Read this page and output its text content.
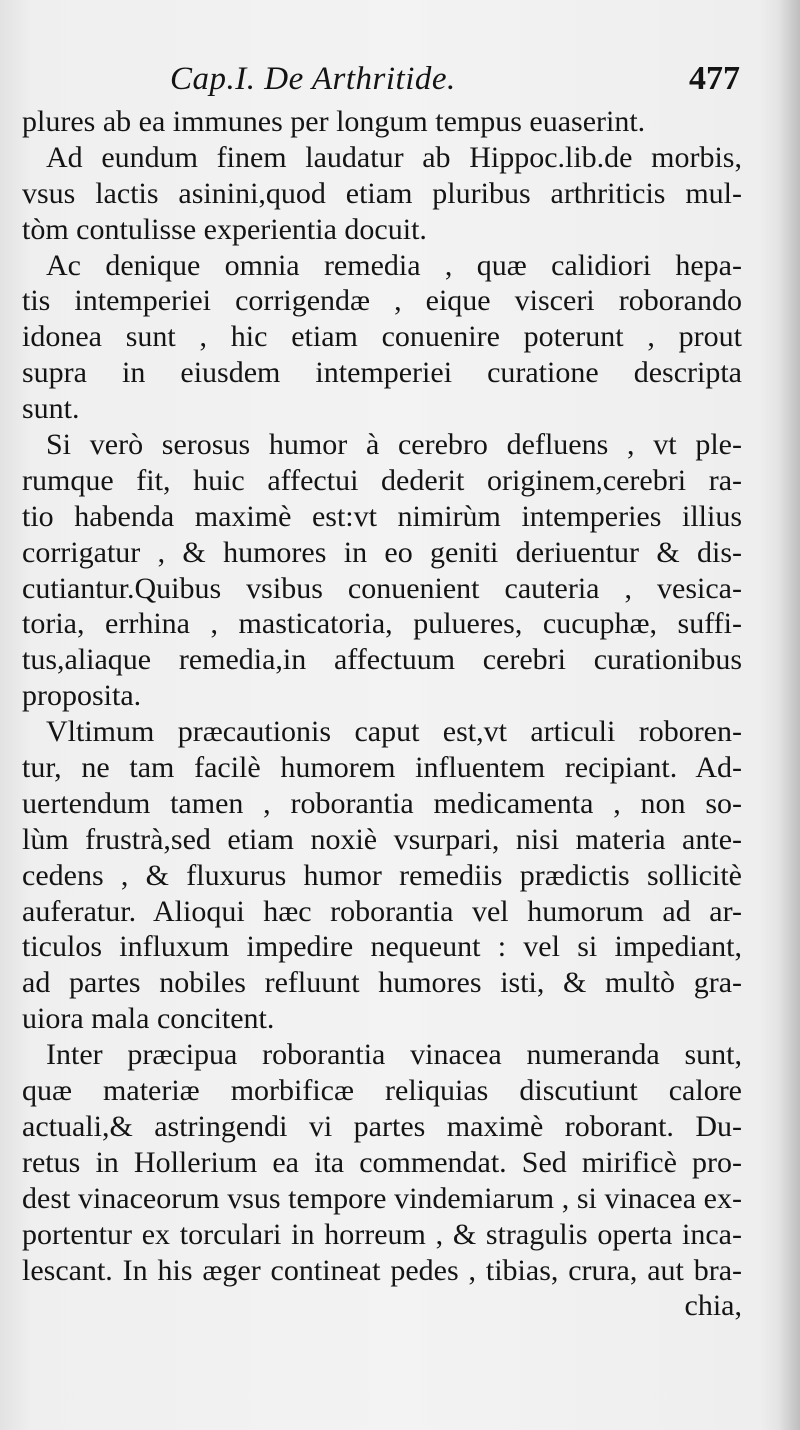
Cap.I. De Arthritide.	477
plures ab ea immunes per longum tempus euaserint.
Ad eundum finem laudatur ab Hippoc.lib.de morbis,
vsus lactis asinini,quod etiam pluribus arthriticis mul-
tòm contulisse experientia docuit.
Ac denique omnia remedia , quæ calidiori hepa-
tis intemperiei corrigendæ , eique visceri roborando
idonea sunt , hic etiam conuenire poterunt , prout
supra in eiusdem intemperiei curatione descripta
sunt.
Si verò serosus humor à cerebro defluens , vt ple-
rumque fit, huic affectui dederit originem,cerebri ra-
tio habenda maximè est:vt nimirùm intemperies illius
corrigatur , & humores in eo geniti deriuentur & dis-
cutiantur.Quibus vsibus conuenient cauteria , vesica-
toria, errhina , masticatoria, pulueres, cucuphæ, suffi-
tus,aliaque remedia,in affectuum cerebri curationibus
proposita.
Vltimum præcautionis caput est,vt articuli roboren-
tur, ne tam facilè humorem influentem recipiant. Ad-
uertendum tamen , roborantia medicamenta , non so-
lùm frustrà,sed etiam noxiè vsurpari, nisi materia ante-
cedens , & fluxurus humor remediis prædictis sollicitè
auferatur. Alioqui hæc roborantia vel humorum ad ar-
ticulos influxum impedire nequeunt : vel si impediant,
ad partes nobiles refluunt humores isti, & multò gra-
uiora mala concitent.
Inter præcipua roborantia vinacea numeranda sunt,
quæ materiæ morbificæ reliquias discutiunt calore
actuali,& astringendi vi partes maximè roborant. Du-
retus in Hollerium ea ita commendat. Sed mirificè pro-
dest vinaceorum vsus tempore vindemiarum , si vinacea ex-
portentur ex torculari in horreum , & stragulis operta inca-
lescant. In his æger contineat pedes , tibias, crura, aut bra-
chia,
